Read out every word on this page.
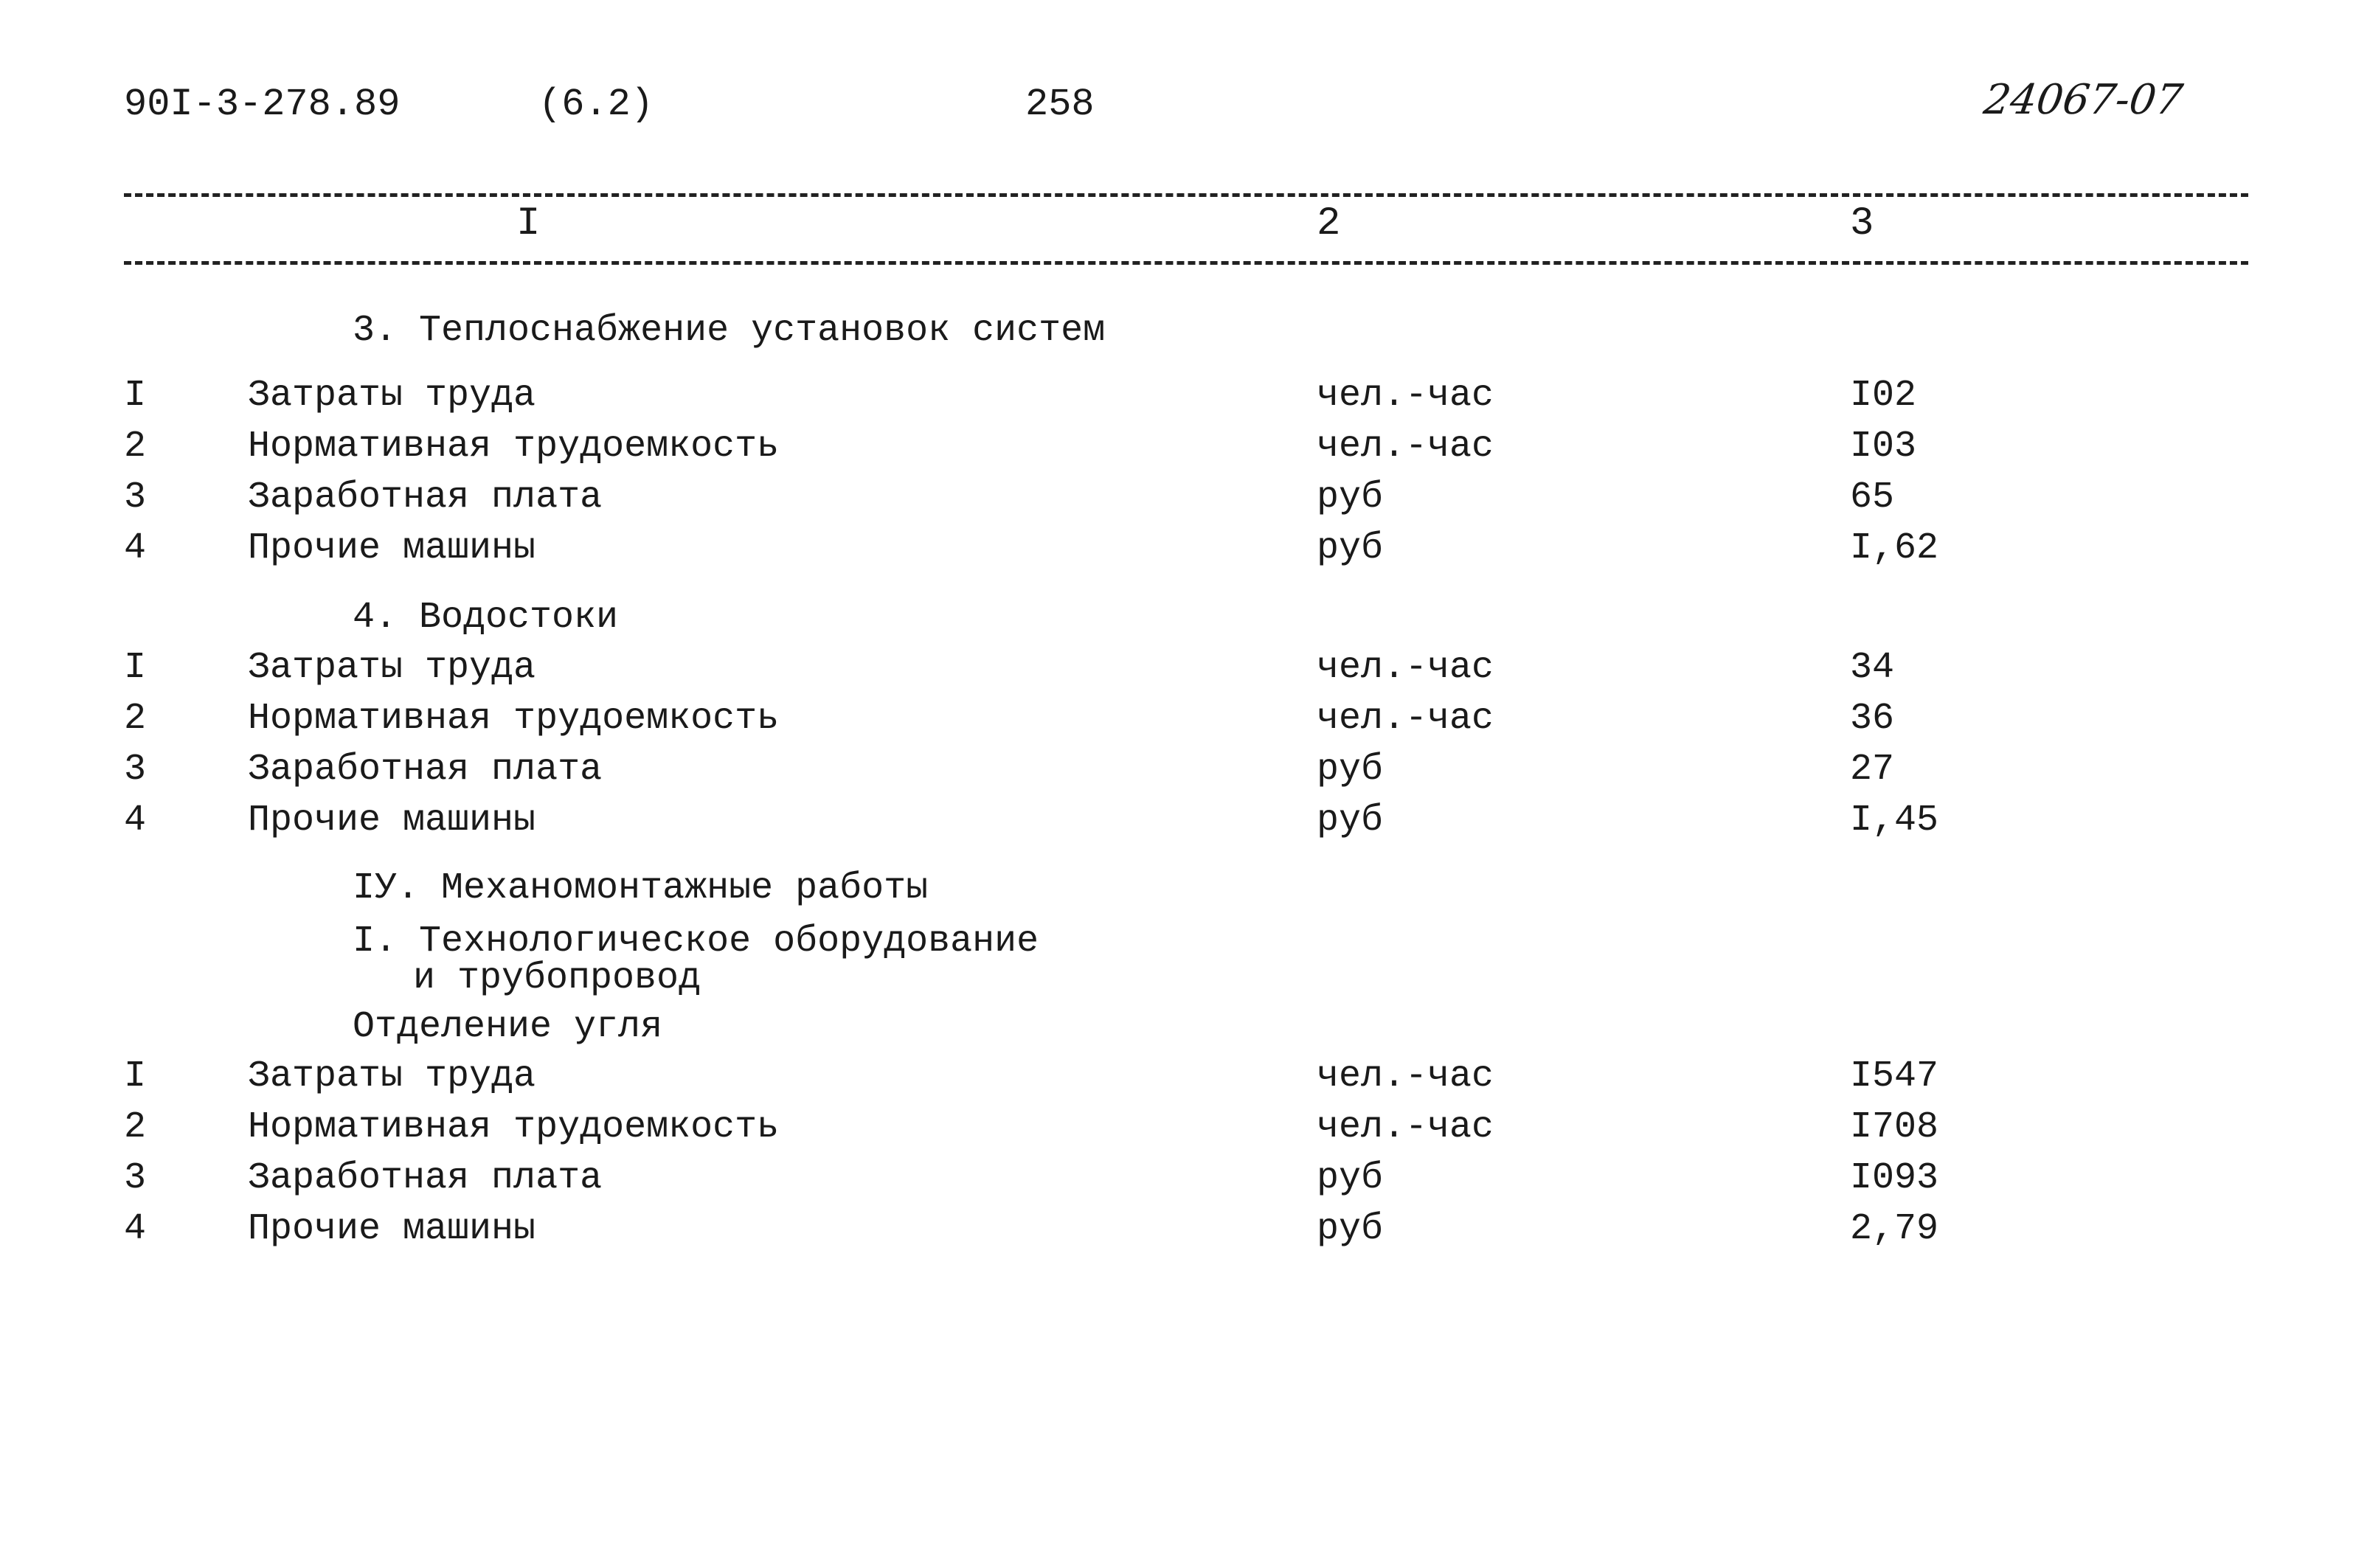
90I-3-278.89	(6.2)	258	24067-07
I	2	3
3. Теплоснабжение установок систем
I	Затраты труда	чел.-час	I02
2	Нормативная трудоемкость	чел.-час	I03
3	Заработная плата	руб	65
4	Прочие машины	руб	I,62
4. Водостоки
I	Затраты труда	чел.-час	34
2	Нормативная трудоемкость	чел.-час	36
3	Заработная плата	руб	27
4	Прочие машины	руб	I,45
IУ. Механомонтажные работы
I. Технологическое оборудование
и трубопровод
Отделение угля
I	Затраты труда	чел.-час	I547
2	Нормативная трудоемкость	чел.-час	I708
3	Заработная плата	руб	I093
4	Прочие машины	руб	2,79
